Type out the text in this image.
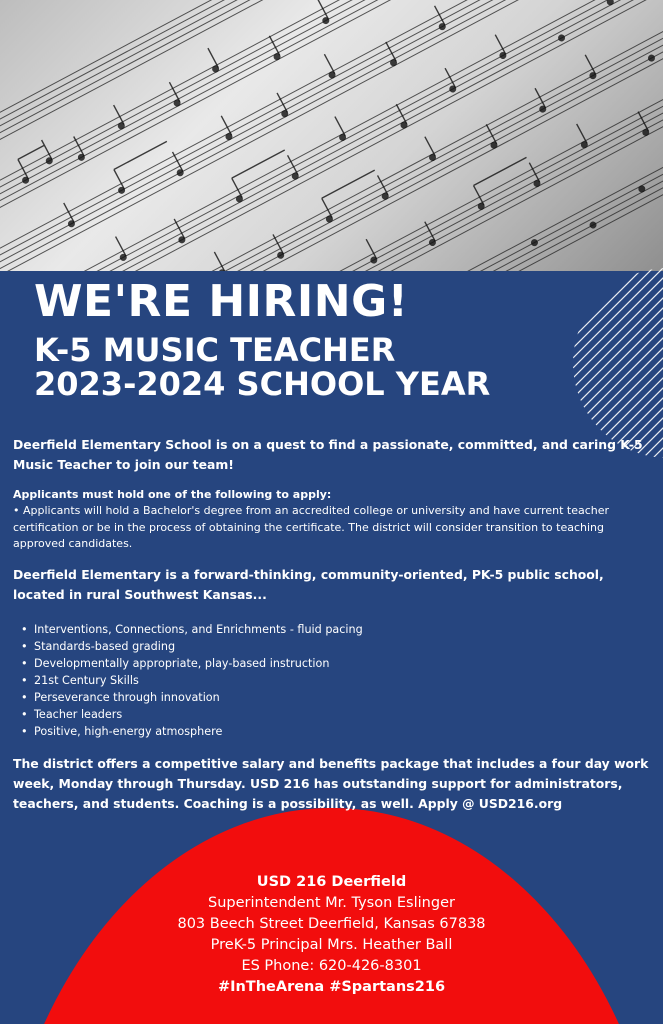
WE'RE HIRING!
K-5 MUSIC TEACHER
2023-2024 SCHOOL YEAR

Deerfield Elementary School is on a quest to find a passionate, committed, and caring K-5 Music Teacher to join our team!

Applicants must hold one of the following to apply:

• Applicants will hold a Bachelor's degree from an accredited college or university and have current teacher certification or be in the process of obtaining the certificate. The district will consider transition to teaching approved candidates.

Deerfield Elementary is a forward-thinking, community-oriented, PK-5 public school, located in rural Southwest Kansas...

• Interventions, Connections, and Enrichments - fluid pacing
• Standards-based grading
• Developmentally appropriate, play-based instruction
• 21st Century Skills
• Perseverance through innovation
• Teacher leaders
• Positive, high-energy atmosphere

The district offers a competitive salary and benefits package that includes a four day work week, Monday through Thursday. USD 216 has outstanding support for administrators, teachers, and students. Coaching is a possibility, as well. Apply @ USD216.org

USD 216 Deerfield
Superintendent Mr. Tyson Eslinger
803 Beech Street Deerfield, Kansas 67838
PreK-5 Principal Mrs. Heather Ball
ES Phone: 620-426-8301
#InTheArena #Spartans216
